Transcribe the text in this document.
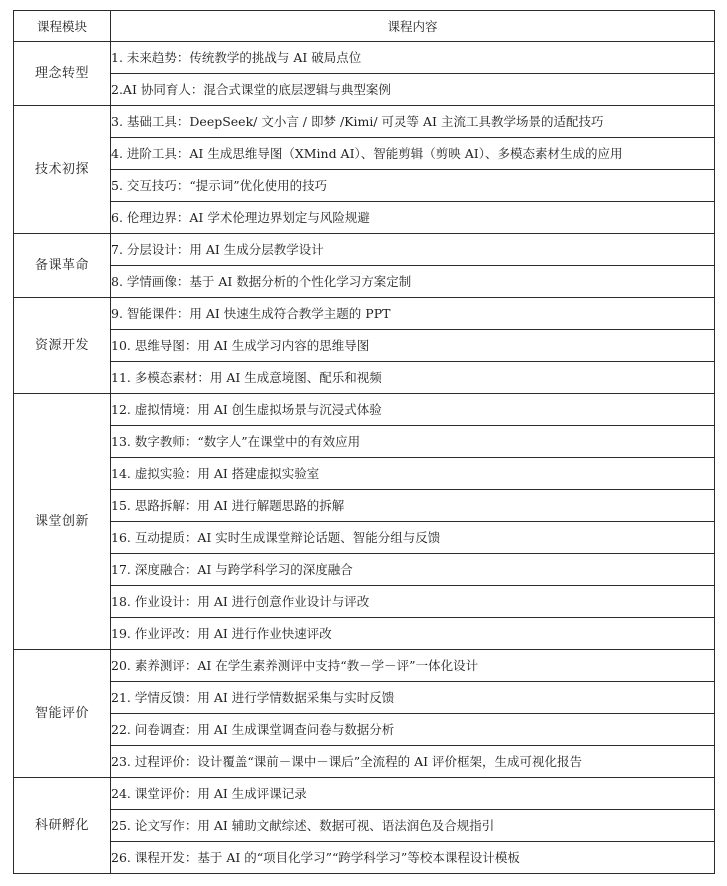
课程模块	课程内容
理念转型	1. 未来趋势：传统教学的挑战与 AI 破局点位
	2.AI 协同育人：混合式课堂的底层逻辑与典型案例
技术初探	3. 基础工具：DeepSeek/ 文小言 / 即梦 /Kimi/ 可灵等 AI 主流工具教学场景的适配技巧
	4. 进阶工具：AI 生成思维导图（XMind AI）、智能剪辑（剪映 AI）、多模态素材生成的应用
	5. 交互技巧：“提示词”优化使用的技巧
	6. 伦理边界：AI 学术伦理边界划定与风险规避
备课革命	7. 分层设计：用 AI 生成分层教学设计
	8. 学情画像：基于 AI 数据分析的个性化学习方案定制
资源开发	9. 智能课件：用 AI 快速生成符合教学主题的 PPT
	10. 思维导图：用 AI 生成学习内容的思维导图
	11. 多模态素材：用 AI 生成意境图、配乐和视频
课堂创新	12. 虚拟情境：用 AI 创生虚拟场景与沉浸式体验
	13. 数字教师：“数字人”在课堂中的有效应用
	14. 虚拟实验：用 AI 搭建虚拟实验室
	15. 思路拆解：用 AI 进行解题思路的拆解
	16. 互动提质：AI 实时生成课堂辩论话题、智能分组与反馈
	17. 深度融合：AI 与跨学科学习的深度融合
	18. 作业设计：用 AI 进行创意作业设计与评改
	19. 作业评改：用 AI 进行作业快速评改
智能评价	20. 素养测评：AI 在学生素养测评中支持“教－学－评”一体化设计
	21. 学情反馈：用 AI 进行学情数据采集与实时反馈
	22. 问卷调查：用 AI 生成课堂调查问卷与数据分析
	23. 过程评价：设计覆盖“课前－课中－课后”全流程的 AI 评价框架，生成可视化报告
科研孵化	24. 课堂评价：用 AI 生成评课记录
	25. 论文写作：用 AI 辅助文献综述、数据可视、语法润色及合规指引
	26. 课程开发：基于 AI 的“项目化学习”“跨学科学习”等校本课程设计模板
